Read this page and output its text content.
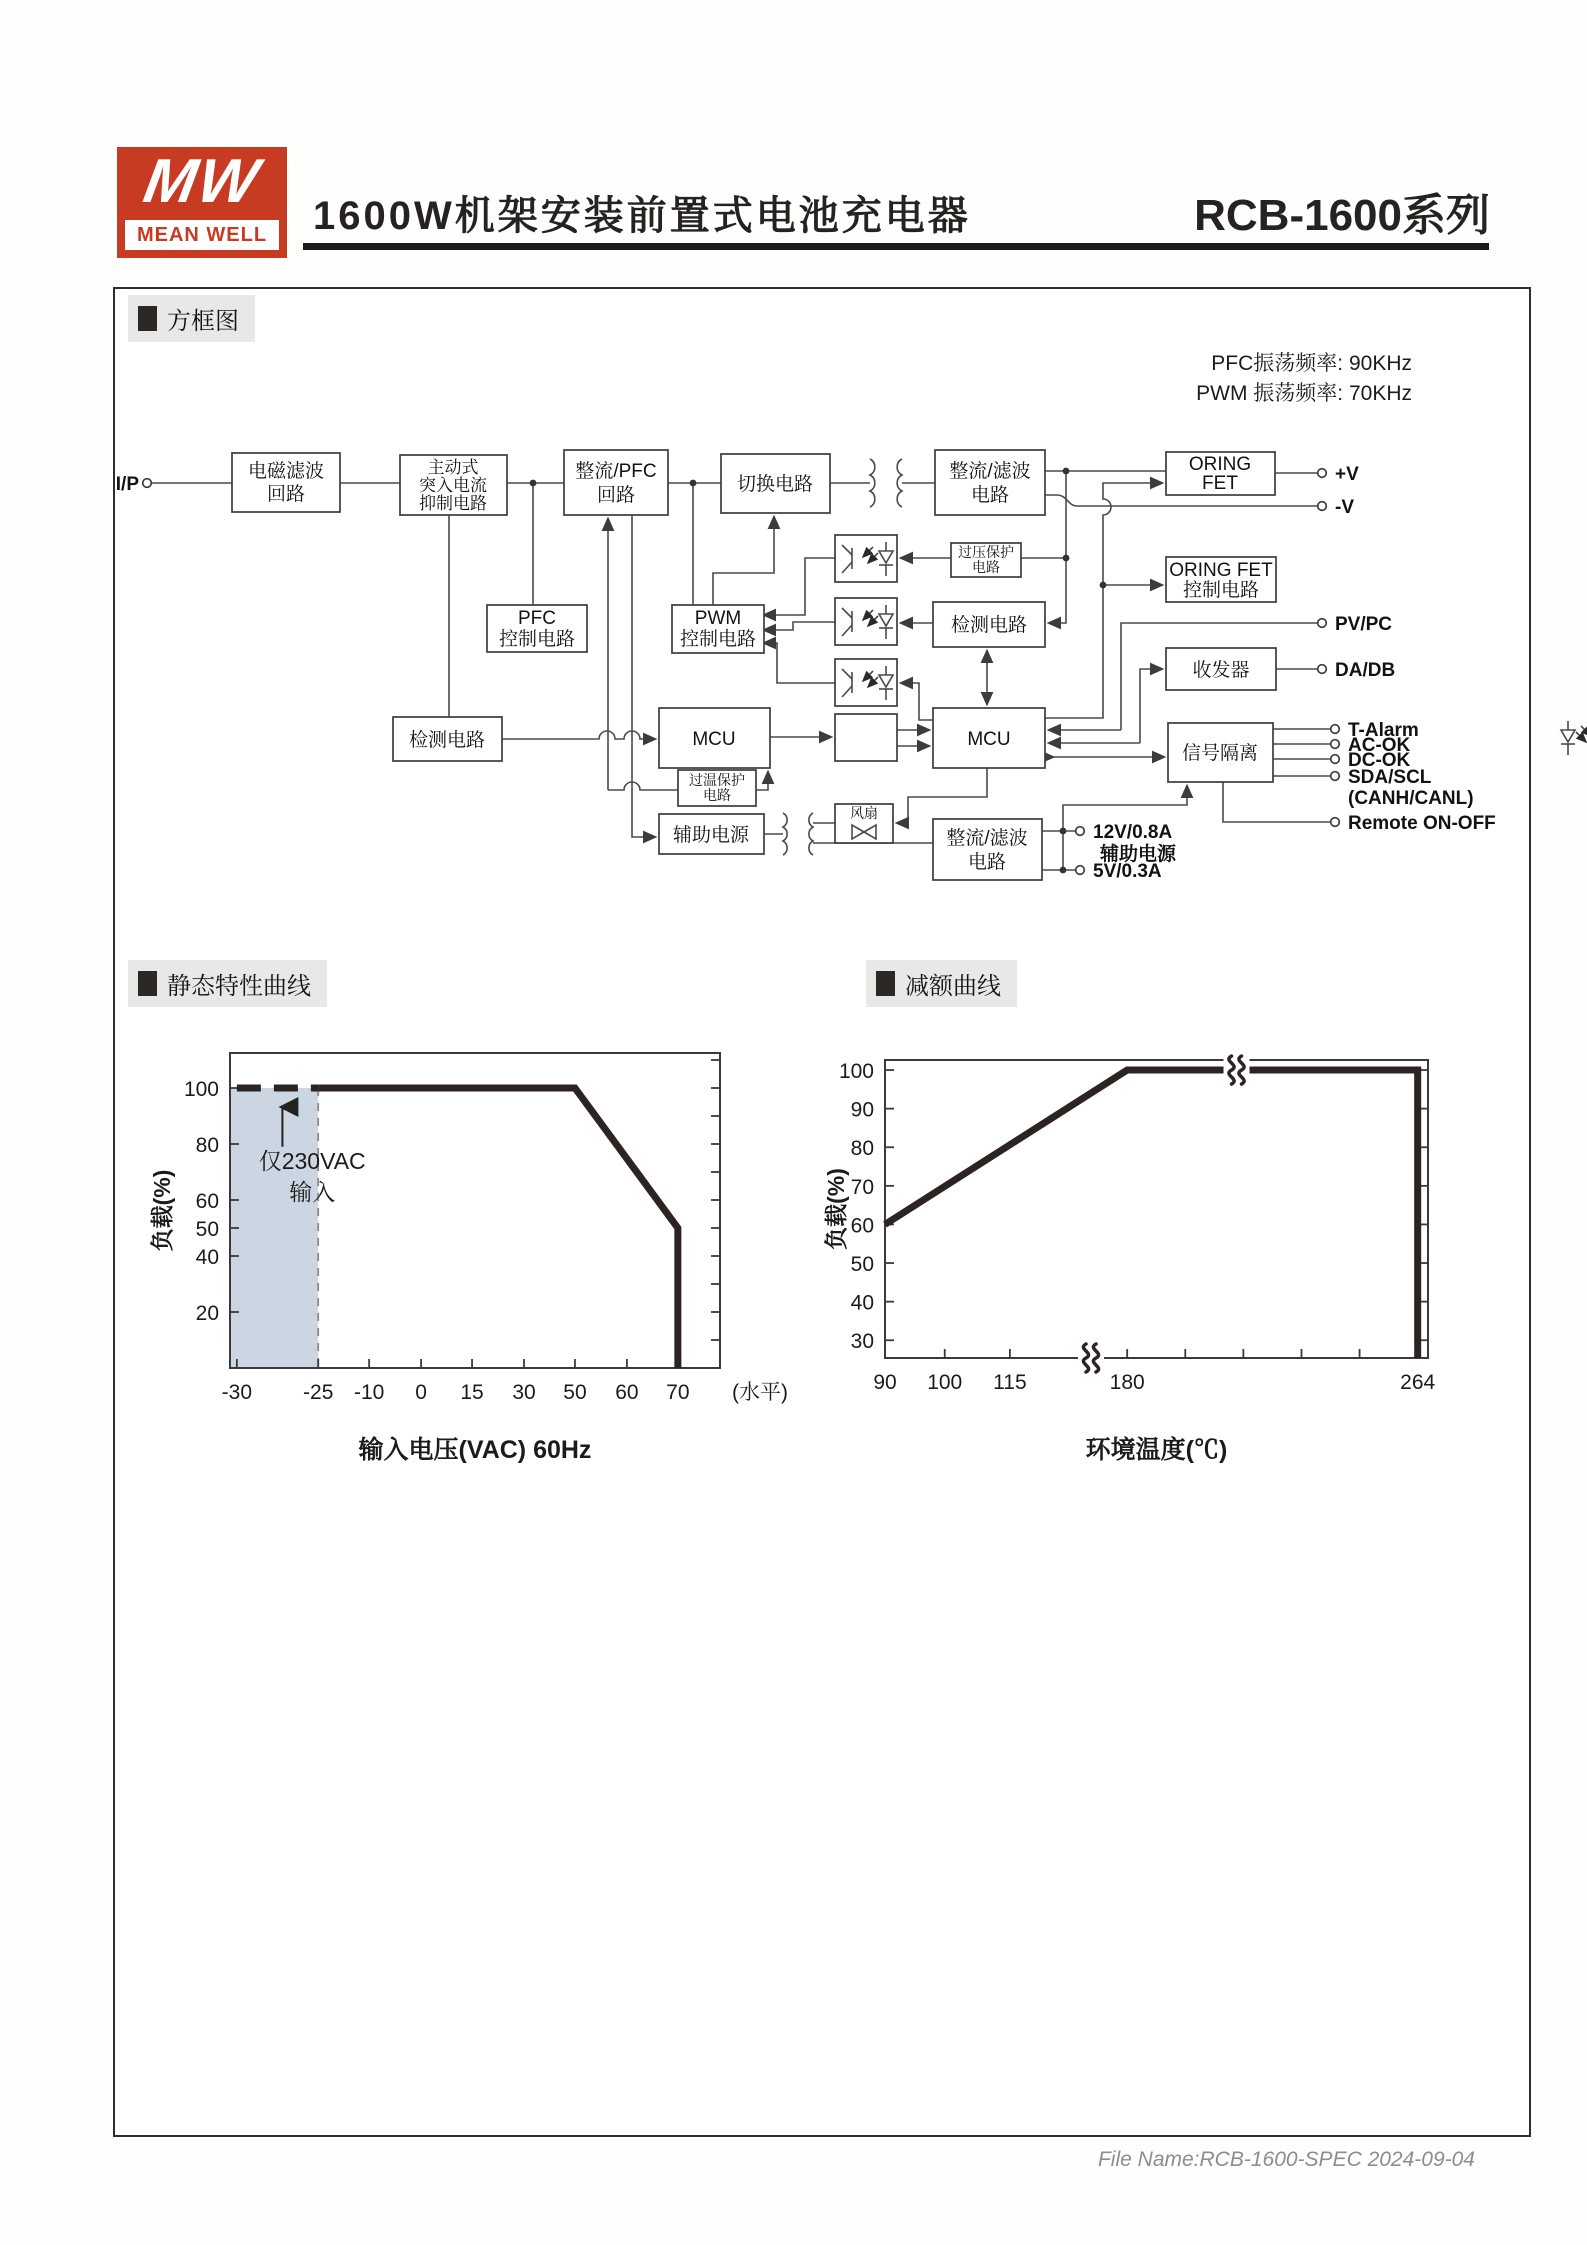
MW
MEAN WELL 1600W机架安装前置式电池充电器	RCB-1600系列
方框图
静态特性曲线	减额曲线
PFC振荡频率: 90KHz
PWM 振荡频率: 70KHz
电磁滤波
回路
主动式
突入电流
抑制电路
整流/PFC
回路
切换电路
整流/滤波
电路
ORING
FET
过压保护
电路	ORING FET
控制电路
PFC
控制电路
PWM
控制电路
检测电路
收发器
检测电路	MCU	MCU
信号隔离
过温保护
电路
辅助电源
风扇
整流/滤波
电路
I/P	+V
-V
PV/PC
DA/DB
T-Alarm
AC-OK
DC-OK
SDA/SCL
(CANH/CANL)
Remote ON-OFF
12V/0.8A
辅助电源
5V/0.3A
仅230VAC
输入
20
40
50
60
80
100
-30 -25 -10 0 15 30 50 60 70 (水平)
输入电压(VAC) 60Hz
负载(%)
30
40
50
60
70
80
90
100
90 100 115	180	264
环境温度(℃)
负载(%)
File Name:RCB-1600-SPEC 2024-09-04
